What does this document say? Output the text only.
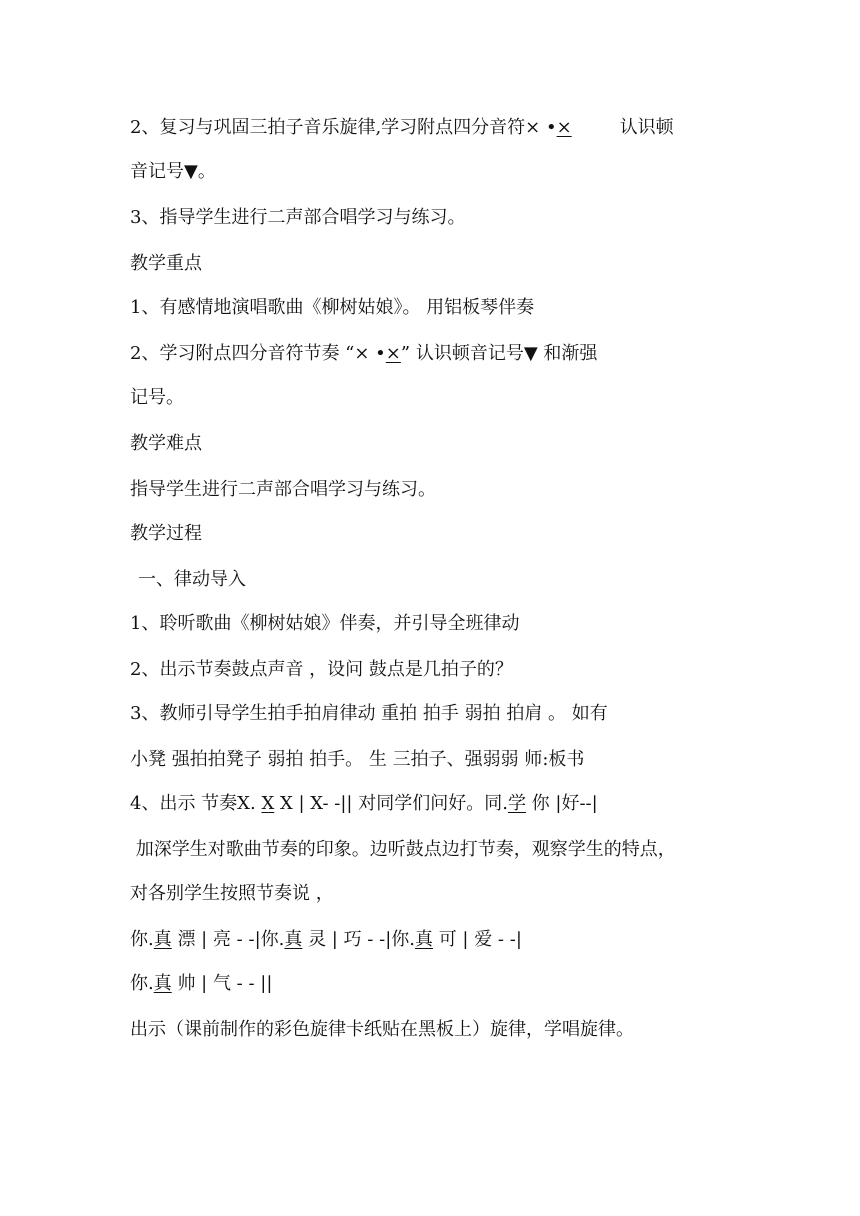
2、复习与巩固三拍子音乐旋律,学习附点四分音符× •×	认识顿
音记号▼。
3、指导学生进行二声部合唱学习与练习。
教学重点
1、有感情地演唱歌曲《柳树姑娘》。 用铝板琴伴奏
2、学习附点四分音符节奏 “× •×” 认识顿音记号▼ 和渐强
记号。
教学难点
指导学生进行二声部合唱学习与练习。
教学过程
一、律动导入
1、聆听歌曲《柳树姑娘》伴奏，并引导全班律动
2、出示节奏鼓点声音 ，设问 鼓点是几拍子的？
3、教师引导学生拍手拍肩律动 重拍 拍手 弱拍 拍肩 。 如有
小凳 强拍拍凳子 弱拍 拍手。 生 三拍子、强弱弱 师:板书
4、出示 节奏X. X X | X- -|| 对同学们问好。同.学 你 |好--|
加深学生对歌曲节奏的印象。边听鼓点边打节奏，观察学生的特点，
对各别学生按照节奏说 ，
你.真 漂 | 亮 - -|你.真 灵 | 巧 - -|你.真 可 | 爱 - -|
你.真 帅 | 气 - - ||
出示（课前制作的彩色旋律卡纸贴在黑板上）旋律，学唱旋律。
